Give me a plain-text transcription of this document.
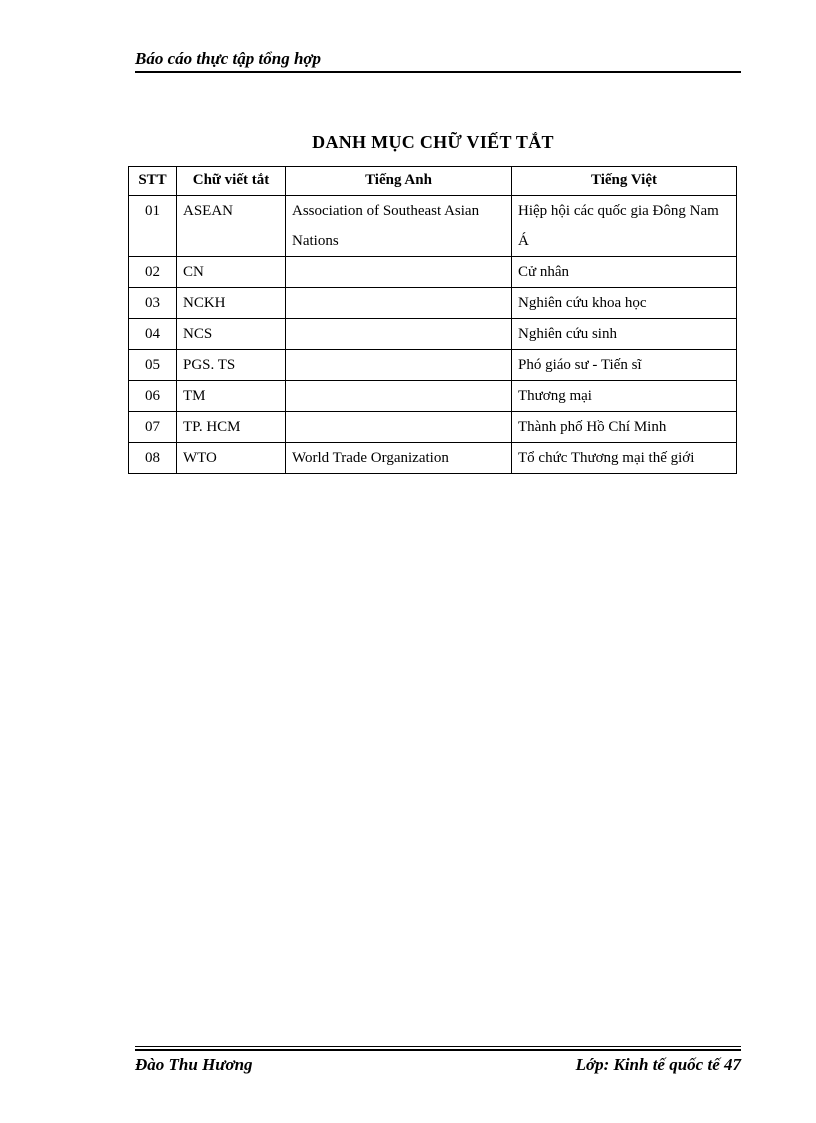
Báo cáo thực tập tổng hợp
DANH MỤC CHỮ VIẾT TẮT
STT	Chữ viết tắt	Tiếng Anh	Tiếng Việt
01	ASEAN	Association of Southeast Asian Nations	Hiệp hội các quốc gia Đông Nam Á
02	CN		Cử nhân
03	NCKH		Nghiên cứu khoa học
04	NCS		Nghiên cứu sinh
05	PGS. TS		Phó giáo sư - Tiến sĩ
06	TM		Thương mại
07	TP. HCM		Thành phố Hồ Chí Minh
08	WTO	World Trade Organization	Tổ chức Thương mại thế giới
Đào Thu Hương	Lớp: Kinh tế quốc tế 47
